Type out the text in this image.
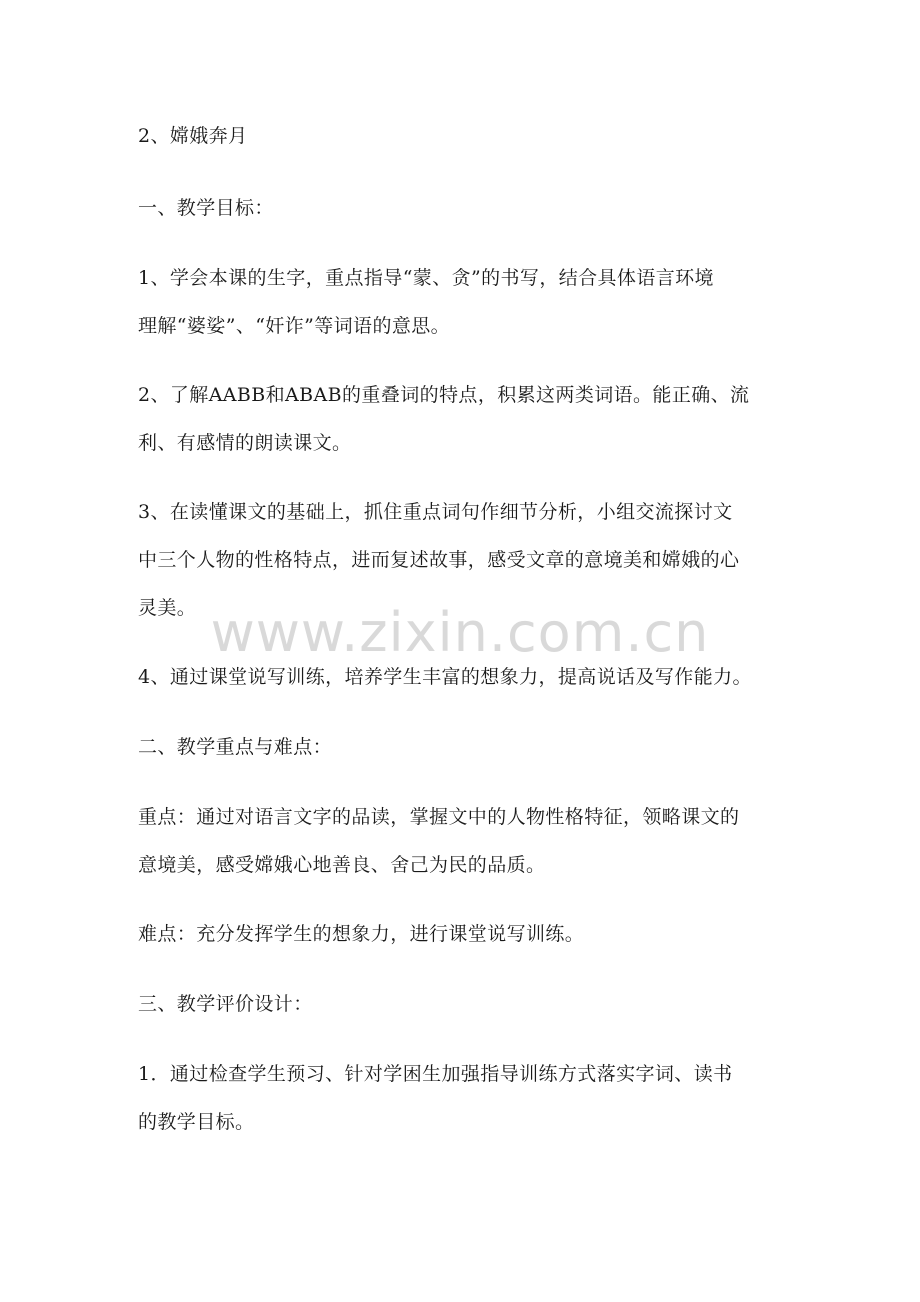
2、嫦娥奔月
一、教学目标：
1、学会本课的生字，重点指导“蒙、贪”的书写，结合具体语言环境
理解“婆娑”、“奸诈”等词语的意思。
2、了解AABB和ABAB的重叠词的特点，积累这两类词语。能正确、流
利、有感情的朗读课文。
3、在读懂课文的基础上，抓住重点词句作细节分析，小组交流探讨文
中三个人物的性格特点，进而复述故事，感受文章的意境美和嫦娥的心
灵美。
4、通过课堂说写训练，培养学生丰富的想象力，提高说话及写作能力。
二、教学重点与难点：
重点：通过对语言文字的品读，掌握文中的人物性格特征，领略课文的
意境美，感受嫦娥心地善良、舍己为民的品质。
难点：充分发挥学生的想象力，进行课堂说写训练。
三、教学评价设计：
1．通过检查学生预习、针对学困生加强指导训练方式落实字词、读书
的教学目标。
www.zixin.com.cn
